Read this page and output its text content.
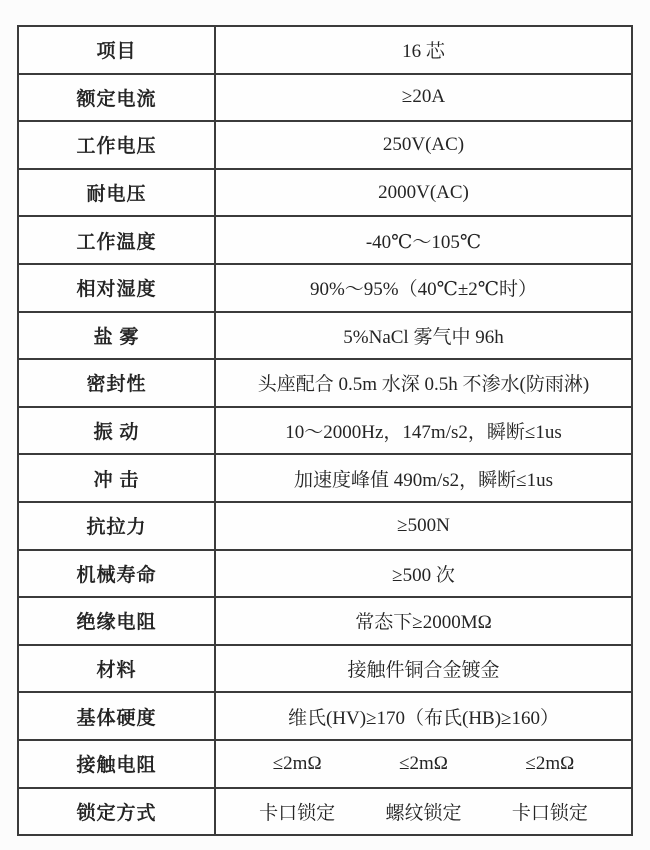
项目	16 芯
额定电流	≥20A
工作电压	250V(AC)
耐电压	2000V(AC)
工作温度	-40℃～105℃
相对湿度	90%～95%（40℃±2℃时）
盐 雾	5%NaCl 雾气中 96h
密封性	头座配合 0.5m 水深 0.5h 不渗水(防雨淋)
振 动	10～2000Hz，147m/s2，瞬断≤1us
冲 击	加速度峰值 490m/s2，瞬断≤1us
抗拉力	≥500N
机械寿命	≥500 次
绝缘电阻	常态下≥2000MΩ
材料	接触件铜合金镀金
基体硬度	维氏(HV)≥170（布氏(HB)≥160）
接触电阻	≤2mΩ	≤2mΩ	≤2mΩ
锁定方式	卡口锁定	螺纹锁定	卡口锁定
